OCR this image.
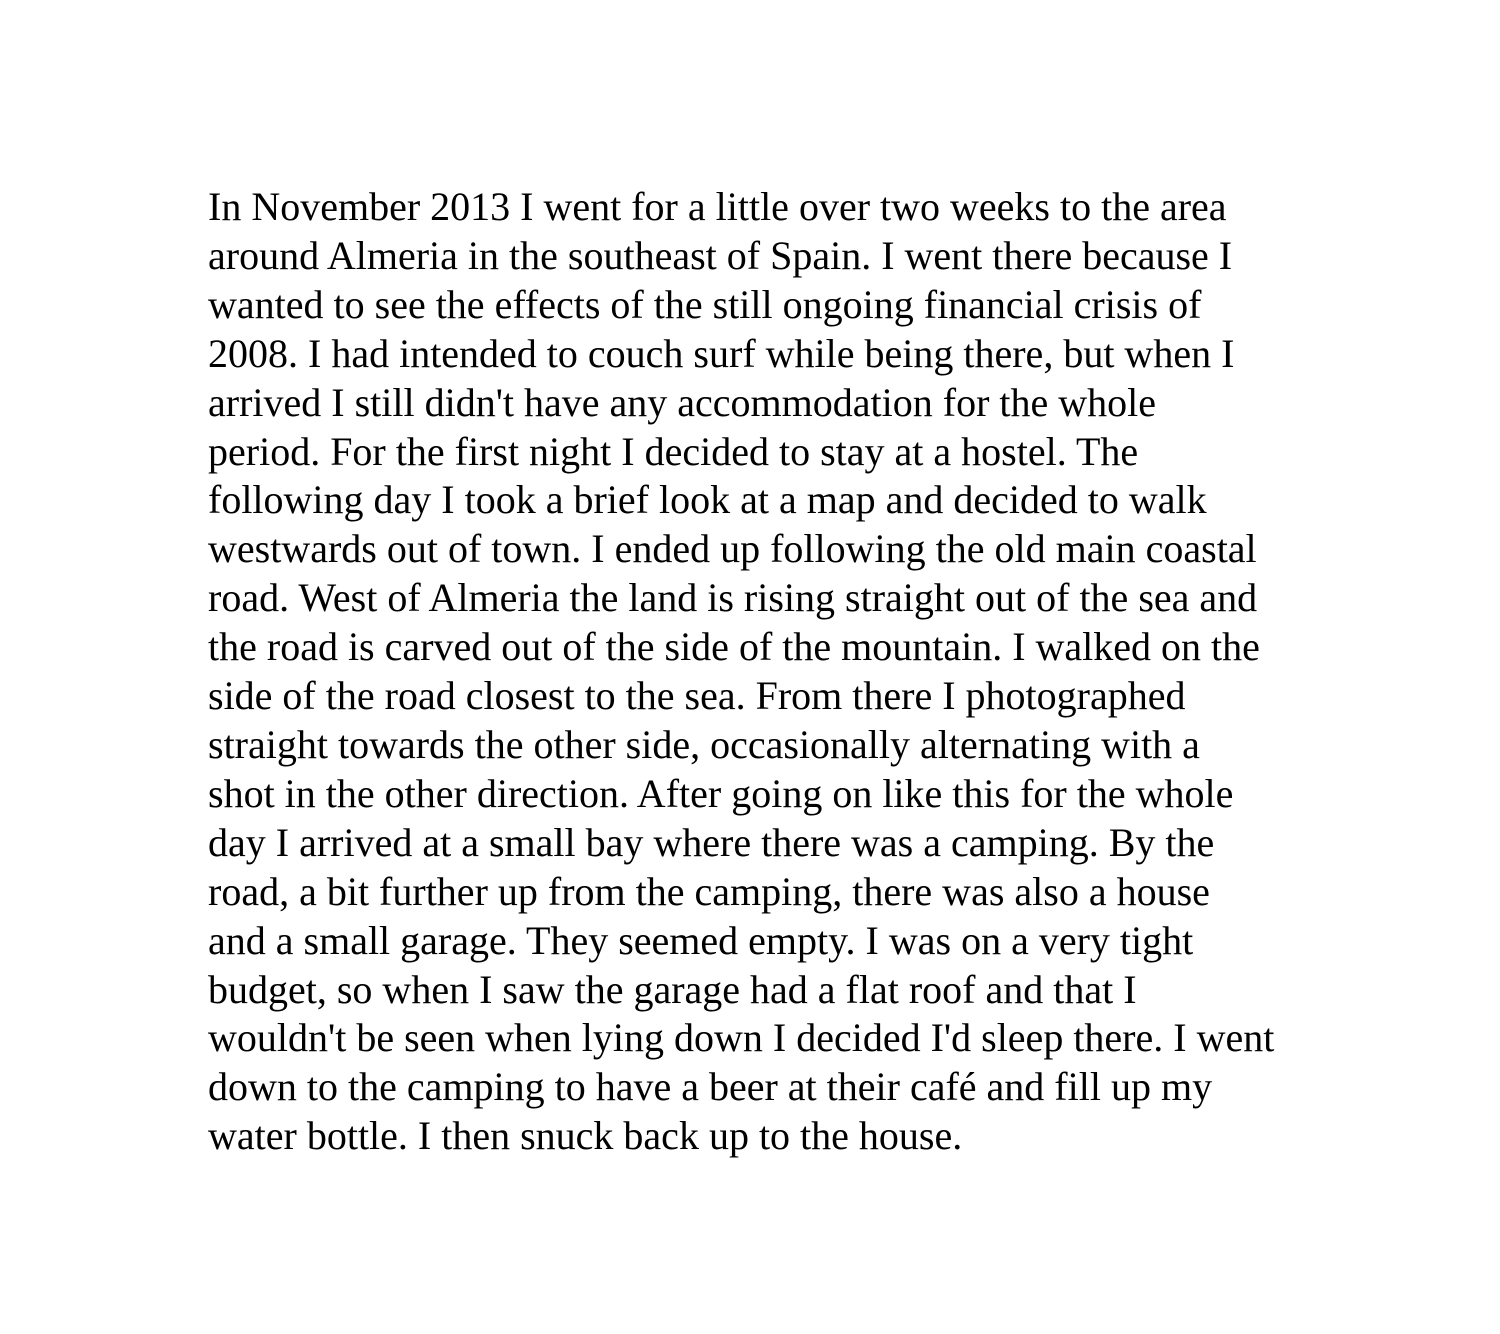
In November 2013 I went for a little over two weeks to the area
around Almeria in the southeast of Spain. I went there because I
wanted to see the effects of the still ongoing financial crisis of
2008. I had intended to couch surf while being there, but when I
arrived I still didn't have any accommodation for the whole
period. For the first night I decided to stay at a hostel. The
following day I took a brief look at a map and decided to walk
westwards out of town. I ended up following the old main coastal
road. West of Almeria the land is rising straight out of the sea and
the road is carved out of the side of the mountain. I walked on the
side of the road closest to the sea. From there I photographed
straight towards the other side, occasionally alternating with a
shot in the other direction. After going on like this for the whole
day I arrived at a small bay where there was a camping. By the
road, a bit further up from the camping, there was also a house
and a small garage. They seemed empty. I was on a very tight
budget, so when I saw the garage had a flat roof and that I
wouldn't be seen when lying down I decided I'd sleep there. I went
down to the camping to have a beer at their café and fill up my
water bottle. I then snuck back up to the house.
